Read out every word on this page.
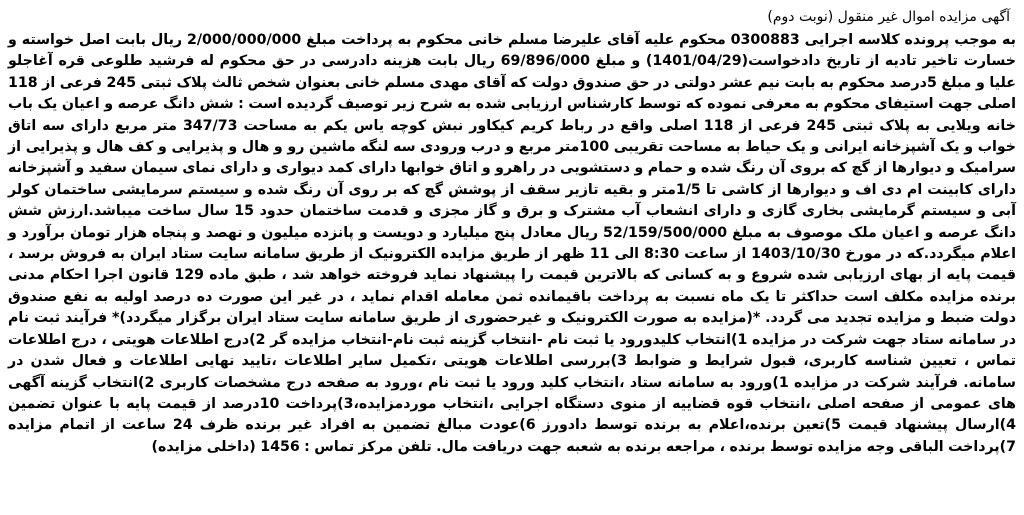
آگهی مزایده اموال غیر منقول (نوبت دوم)

به موجب پرونده کلاسه اجرایی 0300883 محکوم علیه آقای علیرضا مسلم خانی محکوم به پرداخت مبلغ 2/000/000/000 ریال بابت اصل خواسته و خسارت تاخیر تادیه از تاریخ دادخواست(1401/04/29) و مبلغ 69/896/000 ریال بابت هزینه دادرسی در حق محکوم له فرشید طلوعی قره آغاجلو علیا و مبلغ 5درصد محکوم به بابت نیم عشر دولتی در حق صندوق دولت که آقای مهدی مسلم خانی بعنوان شخص ثالث پلاک ثبتی 245 فرعی از 118 اصلی جهت استیفای محکوم به معرفی نموده که توسط کارشناس ارزیابی شده به شرح زیر توصیف گردیده است : شش دانگ عرصه و اعیان یک باب خانه ویلایی به پلاک ثبتی 245 فرعی از 118 اصلی واقع در رباط کریم کیکاور نبش کوچه یاس یکم به مساحت 347/73 متر مربع دارای سه اتاق خواب و یک آشپزخانه ایرانی و یک حیاط به مساحت تقریبی 100متر مربع و درب ورودی سه لنگه ماشین رو و هال و پذیرایی و کف هال و پذیرایی از سرامیک و دیوارها از گچ که بروی آن رنگ شده و حمام و دستشویی در راهرو و اتاق خوابها دارای کمد دیواری و دارای نمای سیمان سفید و آشپزخانه دارای کابینت ام دی اف و دیوارها از کاشی تا 1/5متر و بقیه تازیر سقف از پوشش گچ که بر روی آن رنگ شده و سیستم سرمایشی ساختمان کولر آبی و سیستم گرمایشی بخاری گازی و دارای انشعاب آب مشترک و برق و گاز مجزی و قدمت ساختمان حدود 15 سال ساخت میباشد.ارزش شش دانگ عرصه و اعیان ملک موصوف به مبلغ 52/159/500/000 ریال معادل پنج میلیارد و دویست و پانزده میلیون و نهصد و پنجاه هزار تومان برآورد و اعلام میگردد.که در مورخ 1403/10/30 از ساعت 8:30 الی 11 ظهر از طریق مزایده الکترونیک از طریق سامانه سایت ستاد ایران به فروش برسد ، قیمت پایه از بهای ارزیابی شده شروع و به کسانی که بالاترین قیمت را پیشنهاد نماید فروخته خواهد شد ، طبق ماده 129 قانون اجرا احکام مدنی برنده مزایده مکلف است حداکثر تا یک ماه نسبت به پرداخت باقیمانده ثمن معامله اقدام نماید ، در غیر این صورت ده درصد اولیه به نفع صندوق دولت ضبط و مزایده تجدید می گردد. *(مزایده به صورت الکترونیک و غیرحضوری از طریق سامانه سایت ستاد ایران برگزار میگردد)* فرآیند ثبت نام در سامانه ستاد جهت شرکت در مزایده 1)انتخاب کلیدورود یا ثبت نام -انتخاب گزینه ثبت نام-انتخاب مزایده گر 2)درج اطلاعات هویتی ، درج اطلاعات تماس ، تعیین شناسه کاربری، قبول شرایط و ضوابط 3)بررسی اطلاعات هویتی ،تکمیل سایر اطلاعات ،تایید نهایی اطلاعات و فعال شدن در سامانه. فرآیند شرکت در مزایده 1)ورود به سامانه ستاد ،انتخاب کلید ورود یا ثبت نام ،ورود به صفحه درج مشخصات کاربری 2)انتخاب گزینه آگهی های عمومی از صفحه اصلی ،انتخاب قوه قضاییه از منوی دستگاه اجرایی ،انتخاب موردمزایده،3)پرداخت 10درصد از قیمت پایه با عنوان تضمین 4)ارسال پیشنهاد قیمت 5)تعین برنده،اعلام به برنده توسط دادورز 6)عودت مبالغ تضمین به افراد غیر برنده ظرف 24 ساعت از اتمام مزایده 7)پرداخت الباقی وجه مزایده توسط برنده ، مراجعه برنده به شعبه جهت دریافت مال. تلفن مرکز تماس : 1456 (داخلی مزایده)
